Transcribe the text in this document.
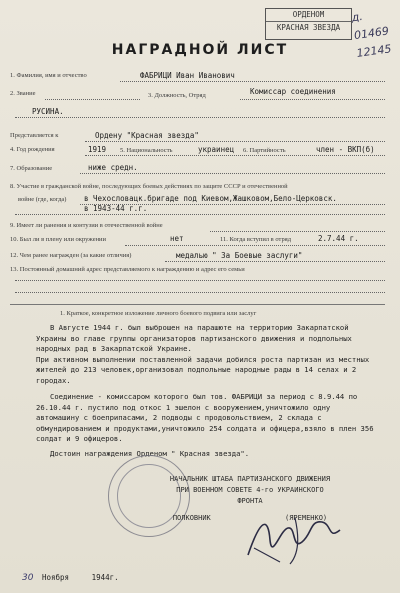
ОРДЕНОМ
КРАСНАЯ ЗВЕЗДА
д. 01469
12145
НАГРАДНОЙ ЛИСТ
1. Фамилия, имя и отчество	ФАБРИЦИ Иван Иванович
2. Звание	3. Должность, Отряд	Комиссар соединения
РУСИНА.
Представляется к	Ордену "Красная звезда"
4. Год рождения	1919 5. Национальность	украинец 6. Партийность	член - ВКП(б)
7. Образование	ниже средн.
8. Участие в гражданской войне, последующих боевых действиях по защите СССР и отечественной
войне (где, когда) в Чехословацк.бригаде под Киевом,Жашковом,Бело-Церковск.
в 1943-44 г.г.
9. Имеет ли ранения и контузии в отечественной войне
10. Был ли в плену или окружении	нет	11. Когда вступил в отряд	2.7.44 г.
12. Чем ранее награжден (за какие отличия)	медалью " За Боевые заслуги"
13. Постоянный домашний адрес представляемого к награждению и адрес его семьи
1. Краткое, конкретное изложение личного боевого подвига или заслуг

В Августе 1944 г. был выброшен на парашюте на территорию Закарпатской Украины во главе группы организаторов партизанского движения и подпольных народных рад в Закарпатской Украине.

При активном выполнении поставленной задачи добился роста партизан из местных жителей до 213 человек,организовал подпольные народные рады в 14 селах и 2 городах.

Соединение - комиссаром которого был тов. ФАБРИЦИ за период с 8.9.44 по 26.10.44 г. пустило под откос 1 эшелон с вооружением,уничтожило одну автомашину с боеприпасами, 2 подводы с продовольствием, 2 склада с обмундированием и продуктами,уничтожило 254 солдата и офицера,взяло в плен 356 солдат и 9 офицеров.

Достоин награждения Орденом " Красная звезда".

НАЧАЛЬНИК ШТАБА ПАРТИЗАНСКОГО ДВИЖЕНИЯ
ПРИ ВОЕННОМ СОВЕТЕ 4-го УКРАИНСКОГО
ФРОНТА
ПОЛКОВНИК	(ЯРЕМЕНКО)
30 Ноября	1944г.
